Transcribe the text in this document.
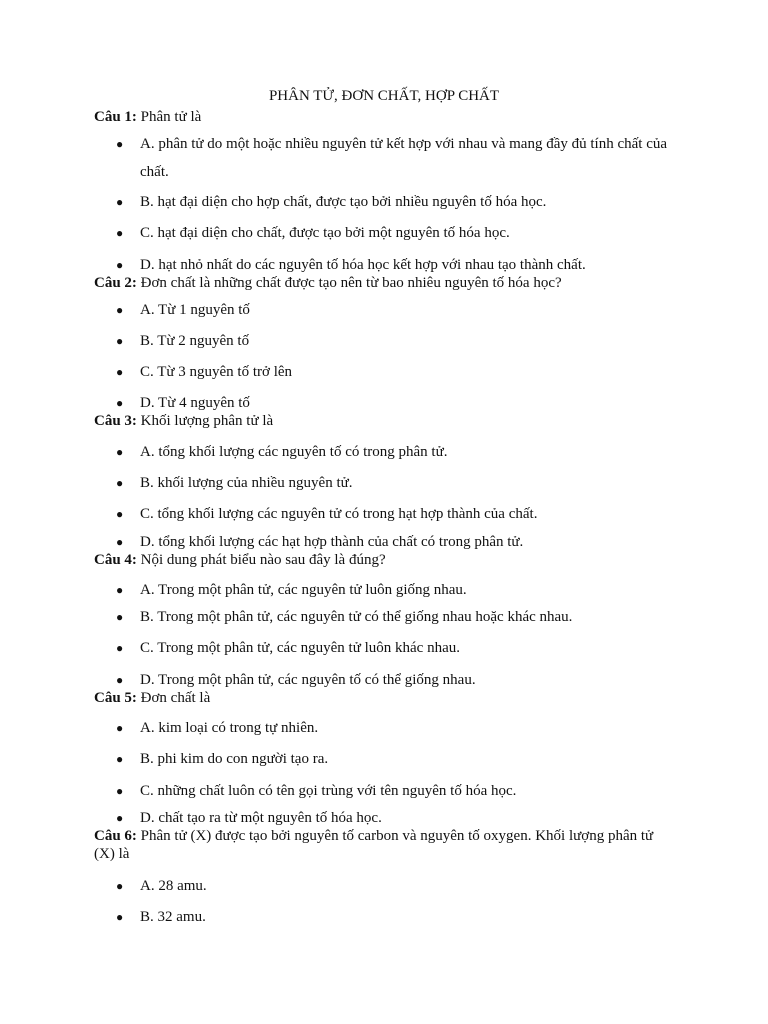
PHÂN TỬ, ĐƠN CHẤT, HỢP CHẤT
Câu 1: Phân tử là
● A. phân tử do một hoặc nhiều nguyên tử kết hợp với nhau và mang đầy đủ tính chất của chất.
● B. hạt đại diện cho hợp chất, được tạo bởi nhiều nguyên tố hóa học.
● C. hạt đại diện cho chất, được tạo bởi một nguyên tố hóa học.
● D. hạt nhỏ nhất do các nguyên tố hóa học kết hợp với nhau tạo thành chất.
Câu 2: Đơn chất là những chất được tạo nên từ bao nhiêu nguyên tố hóa học?
● A. Từ 1 nguyên tố
● B. Từ 2 nguyên tố
● C. Từ 3 nguyên tố trở lên
● D. Từ 4 nguyên tố
Câu 3: Khối lượng phân tử là
● A. tổng khối lượng các nguyên tố có trong phân tử.
● B. khối lượng của nhiều nguyên tử.
● C. tổng khối lượng các nguyên tử có trong hạt hợp thành của chất.
● D. tổng khối lượng các hạt hợp thành của chất có trong phân tử.
Câu 4: Nội dung phát biểu nào sau đây là đúng?
● A. Trong một phân tử, các nguyên tử luôn giống nhau.
● B. Trong một phân tử, các nguyên tử có thể giống nhau hoặc khác nhau.
● C. Trong một phân tử, các nguyên tử luôn khác nhau.
● D. Trong một phân tử, các nguyên tố có thể giống nhau.
Câu 5: Đơn chất là
● A. kim loại có trong tự nhiên.
● B. phi kim do con người tạo ra.
● C. những chất luôn có tên gọi trùng với tên nguyên tố hóa học.
● D. chất tạo ra từ một nguyên tố hóa học.
Câu 6: Phân tử (X) được tạo bởi nguyên tố carbon và nguyên tố oxygen. Khối lượng phân tử (X) là
● A. 28 amu.
● B. 32 amu.
